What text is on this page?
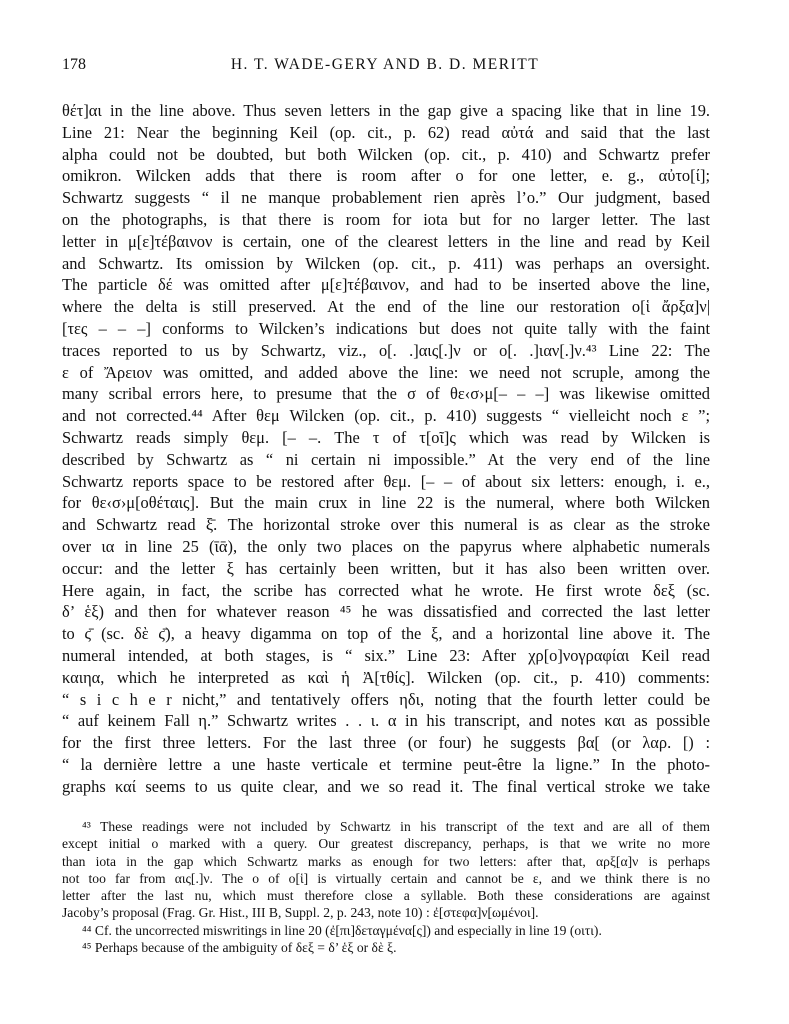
178	H. T. WADE-GERY AND B. D. MERITT
θέτ]αι in the line above. Thus seven letters in the gap give a spacing like that in line 19.
Line 21: Near the beginning Keil (op. cit., p. 62) read αὐτά and said that the last
alpha could not be doubted, but both Wilcken (op. cit., p. 410) and Schwartz prefer
omikron. Wilcken adds that there is room after ο for one letter, e. g., αὐτο[ί];
Schwartz suggests “ il ne manque probablement rien après l’o.” Our judgment, based
on the photographs, is that there is room for iota but for no larger letter. The last
letter in μ[ε]τέβαινον is certain, one of the clearest letters in the line and read by Keil
and Schwartz. Its omission by Wilcken (op. cit., p. 411) was perhaps an oversight.
The particle δέ was omitted after μ[ε]τέβαινον, and had to be inserted above the line,
where the delta is still preserved. At the end of the line our restoration ο[ἱ ἄρξα]ν|
[τες – – –] conforms to Wilcken’s indications but does not quite tally with the faint
traces reported to us by Schwartz, viz., ο[. .]αις[.]ν or ο[. .]ιαν[.]ν.⁴³ Line 22: The
ε of Ἄρειον was omitted, and added above the line: we need not scruple, among the
many scribal errors here, to presume that the σ of θε‹σ›μ[– – –] was likewise omitted
and not corrected.⁴⁴ After θεμ Wilcken (op. cit., p. 410) suggests “ vielleicht noch ε ”;
Schwartz reads simply θεμ. [– –. The τ of τ[οῖ]ς which was read by Wilcken is
described by Schwartz as “ ni certain ni impossible.” At the very end of the line
Schwartz reports space to be restored after θεμ. [– – of about six letters: enough, i. e.,
for θε‹σ›μ[οθέταις]. But the main crux in line 22 is the numeral, where both Wilcken
and Schwartz read ξ̄. The horizontal stroke over this numeral is as clear as the stroke
over ια in line 25 (ῑᾱ), the only two places on the papyrus where alphabetic numerals
occur: and the letter ξ has certainly been written, but it has also been written over.
Here again, in fact, the scribe has corrected what he wrote. He first wrote δεξ (sc.
δ’ ἑξ) and then for whatever reason ⁴⁵ he was dissatisfied and corrected the last letter
to ϛ̄ (sc. δὲ ϛ̄), a heavy digamma on top of the ξ, and a horizontal line above it. The
numeral intended, at both stages, is “ six.” Line 23: After χρ[ο]νογραφίαι Keil read
καιηα, which he interpreted as καὶ ἡ Ἀ[τθίς]. Wilcken (op. cit., p. 410) comments:
“ s i c h e r nicht,” and tentatively offers ηδι, noting that the fourth letter could be
“ auf keinem Fall η.” Schwartz writes . . ι. α in his transcript, and notes και as possible
for the first three letters. For the last three (or four) he suggests βα[ (or λαρ. [) :
“ la dernière lettre a une haste verticale et termine peut-être la ligne.” In the photo-
graphs καί seems to us quite clear, and we so read it. The final vertical stroke we take
⁴³ These readings were not included by Schwartz in his transcript of the text and are all of them
except initial ο marked with a query. Our greatest discrepancy, perhaps, is that we write no more
than iota in the gap which Schwartz marks as enough for two letters: after that, αρξ[α]ν is perhaps
not too far from αις[.]ν. The ο of ο[ἱ] is virtually certain and cannot be ε, and we think there is no
letter after the last nu, which must therefore close a syllable. Both these considerations are against
Jacoby’s proposal (Frag. Gr. Hist., III B, Suppl. 2, p. 243, note 10) : ἐ[στεφα]ν[ωμένοι].
⁴⁴ Cf. the uncorrected miswritings in line 20 (ἐ[πι]δεταγμένα[ς]) and especially in line 19 (οιτι).
⁴⁵ Perhaps because of the ambiguity of δεξ = δ’ ἑξ or δὲ ξ.
